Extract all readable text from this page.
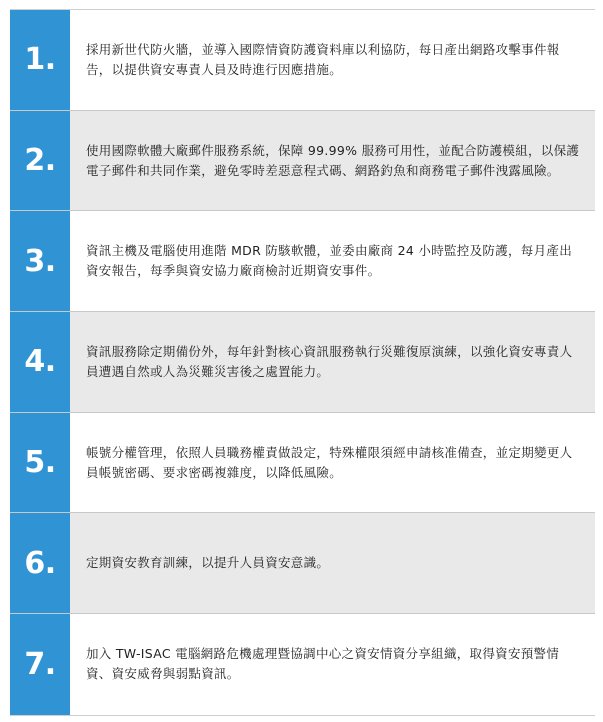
1.	採用新世代防火牆，並導入國際情資防護資料庫以利協防，每日產出網路攻擊事件報告，以提供資安專責人員及時進行因應措施。
2.	使用國際軟體大廠郵件服務系統，保障 99.99% 服務可用性，並配合防護模組，以保護電子郵件和共同作業，避免零時差惡意程式碼、網路釣魚和商務電子郵件洩露風險。
3.	資訊主機及電腦使用進階 MDR 防駭軟體，並委由廠商 24 小時監控及防護，每月產出資安報告，每季與資安協力廠商檢討近期資安事件。
4.	資訊服務除定期備份外，每年針對核心資訊服務執行災難復原演練，以強化資安專責人員遭遇自然或人為災難災害後之處置能力。
5.	帳號分權管理，依照人員職務權責做設定，特殊權限須經申請核准備查，並定期變更人員帳號密碼、要求密碼複雜度，以降低風險。
6.	定期資安教育訓練，以提升人員資安意識。
7.	加入 TW-ISAC 電腦網路危機處理暨協調中心之資安情資分享組織，取得資安預警情資、資安威脅與弱點資訊。
